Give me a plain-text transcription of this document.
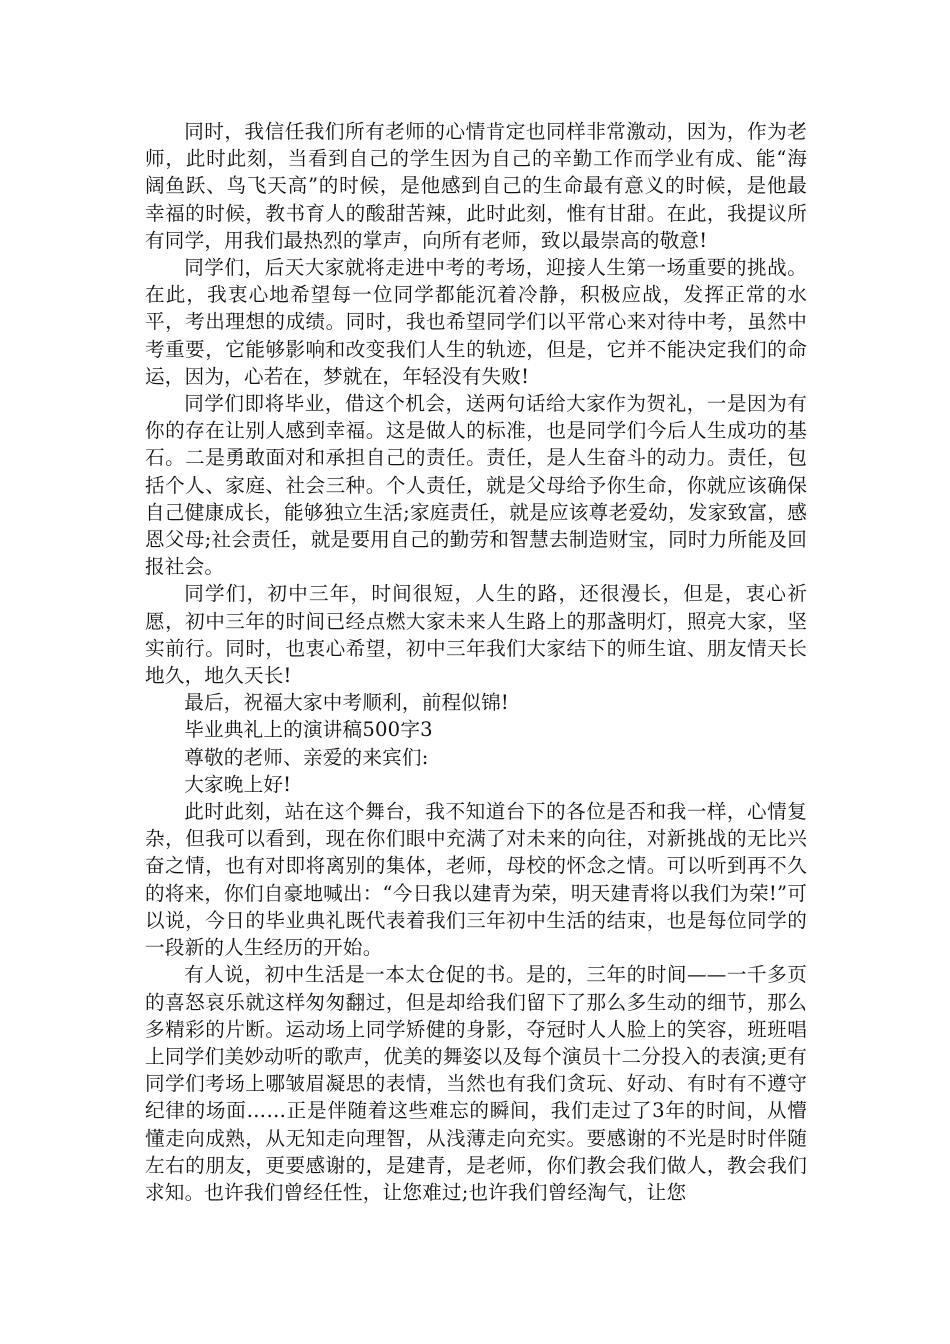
同时，我信任我们所有老师的心情肯定也同样非常激动，因为，作为老师，此时此刻，当看到自己的学生因为自己的辛勤工作而学业有成、能“海阔鱼跃、鸟飞天高”的时候，是他感到自己的生命最有意义的时候，是他最幸福的时候，教书育人的酸甜苦辣，此时此刻，惟有甘甜。在此，我提议所有同学，用我们最热烈的掌声，向所有老师，致以最崇高的敬意!

同学们，后天大家就将走进中考的考场，迎接人生第一场重要的挑战。在此，我衷心地希望每一位同学都能沉着冷静，积极应战，发挥正常的水平，考出理想的成绩。同时，我也希望同学们以平常心来对待中考，虽然中考重要，它能够影响和改变我们人生的轨迹，但是，它并不能决定我们的命运，因为，心若在，梦就在，年轻没有失败!

同学们即将毕业，借这个机会，送两句话给大家作为贺礼，一是因为有你的存在让别人感到幸福。这是做人的标准，也是同学们今后人生成功的基石。二是勇敢面对和承担自己的责任。责任，是人生奋斗的动力。责任，包括个人、家庭、社会三种。个人责任，就是父母给予你生命，你就应该确保自己健康成长，能够独立生活;家庭责任，就是应该尊老爱幼，发家致富，感恩父母;社会责任，就是要用自己的勤劳和智慧去制造财宝，同时力所能及回报社会。

同学们，初中三年，时间很短，人生的路，还很漫长，但是，衷心祈愿，初中三年的时间已经点燃大家未来人生路上的那盏明灯，照亮大家，坚实前行。同时，也衷心希望，初中三年我们大家结下的师生谊、朋友情天长地久，地久天长!

最后，祝福大家中考顺利，前程似锦!

毕业典礼上的演讲稿500字3

尊敬的老师、亲爱的来宾们:

大家晚上好!

此时此刻，站在这个舞台，我不知道台下的各位是否和我一样，心情复杂，但我可以看到，现在你们眼中充满了对未来的向往，对新挑战的无比兴奋之情，也有对即将离别的集体，老师，母校的怀念之情。可以听到再不久的将来，你们自豪地喊出：“今日我以建青为荣，明天建青将以我们为荣!”可以说，今日的毕业典礼既代表着我们三年初中生活的结束，也是每位同学的一段新的人生经历的开始。

有人说，初中生活是一本太仓促的书。是的，三年的时间——一千多页的喜怒哀乐就这样匆匆翻过，但是却给我们留下了那么多生动的细节，那么多精彩的片断。运动场上同学矫健的身影，夺冠时人人脸上的笑容，班班唱上同学们美妙动听的歌声，优美的舞姿以及每个演员十二分投入的表演;更有同学们考场上哪皱眉凝思的表情，当然也有我们贪玩、好动、有时有不遵守纪律的场面……正是伴随着这些难忘的瞬间，我们走过了3年的时间，从懵懂走向成熟，从无知走向理智，从浅薄走向充实。要感谢的不光是时时伴随左右的朋友，更要感谢的，是建青，是老师，你们教会我们做人，教会我们求知。也许我们曾经任性，让您难过;也许我们曾经淘气，让您
